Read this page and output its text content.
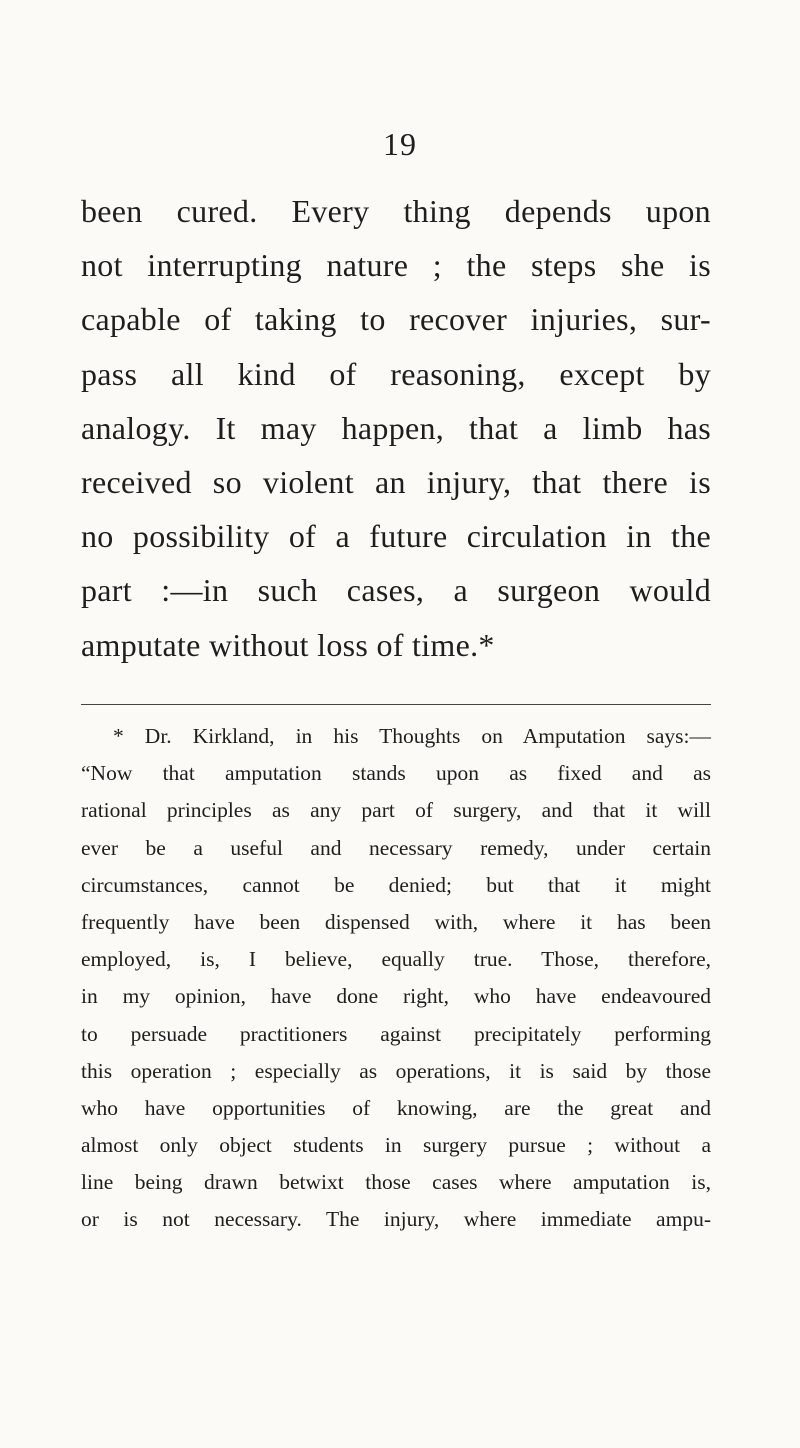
19
been cured. Every thing depends upon
not interrupting nature ; the steps she is
capable of taking to recover injuries, sur-
pass all kind of reasoning, except by
analogy. It may happen, that a limb has
received so violent an injury, that there is
no possibility of a future circulation in the
part :—in such cases, a surgeon would
amputate without loss of time.*
* Dr. Kirkland, in his Thoughts on Amputation says:—
“Now that amputation stands upon as fixed and as
rational principles as any part of surgery, and that it will
ever be a useful and necessary remedy, under certain
circumstances, cannot be denied; but that it might
frequently have been dispensed with, where it has been
employed, is, I believe, equally true. Those, therefore,
in my opinion, have done right, who have endeavoured
to persuade practitioners against precipitately performing
this operation ; especially as operations, it is said by those
who have opportunities of knowing, are the great and
almost only object students in surgery pursue ; without a
line being drawn betwixt those cases where amputation is,
or is not necessary. The injury, where immediate ampu-
